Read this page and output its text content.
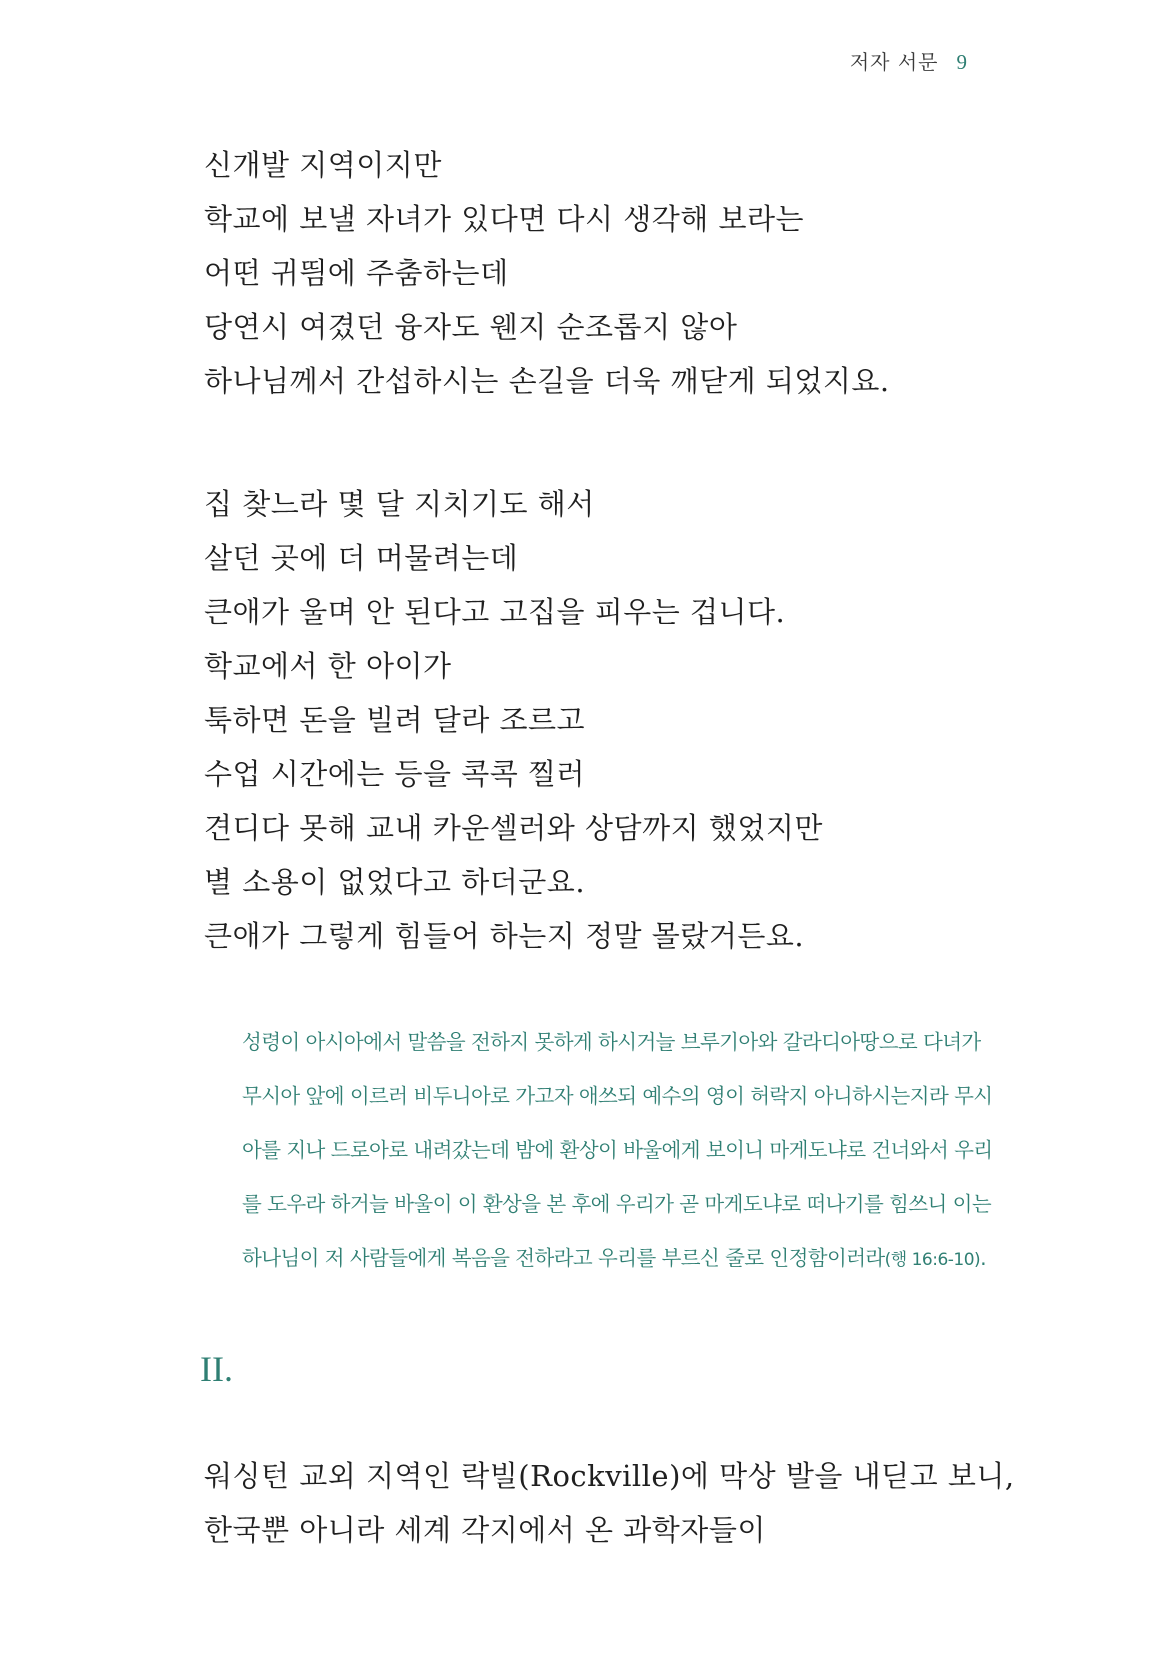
저자 서문 9
신개발 지역이지만
학교에 보낼 자녀가 있다면 다시 생각해 보라는
어떤 귀띔에 주춤하는데
당연시 여겼던 융자도 웬지 순조롭지 않아
하나님께서 간섭하시는 손길을 더욱 깨닫게 되었지요.
집 찾느라 몇 달 지치기도 해서
살던 곳에 더 머물려는데
큰애가 울며 안 된다고 고집을 피우는 겁니다.
학교에서 한 아이가
툭하면 돈을 빌려 달라 조르고
수업 시간에는 등을 콕콕 찔러
견디다 못해 교내 카운셀러와 상담까지 했었지만
별 소용이 없었다고 하더군요.
큰애가 그렇게 힘들어 하는지 정말 몰랐거든요.
성령이 아시아에서 말씀을 전하지 못하게 하시거늘 브루기아와 갈라디아땅으로 다녀가
무시아 앞에 이르러 비두니아로 가고자 애쓰되 예수의 영이 허락지 아니하시는지라 무시
아를 지나 드로아로 내려갔는데 밤에 환상이 바울에게 보이니 마게도냐로 건너와서 우리
를 도우라 하거늘 바울이 이 환상을 본 후에 우리가 곧 마게도냐로 떠나기를 힘쓰니 이는
하나님이 저 사람들에게 복음을 전하라고 우리를 부르신 줄로 인정함이러라(행 16:6-10).
II.
워싱턴 교외 지역인 락빌(Rockville)에 막상 발을 내딛고 보니,
한국뿐 아니라 세계 각지에서 온 과학자들이
